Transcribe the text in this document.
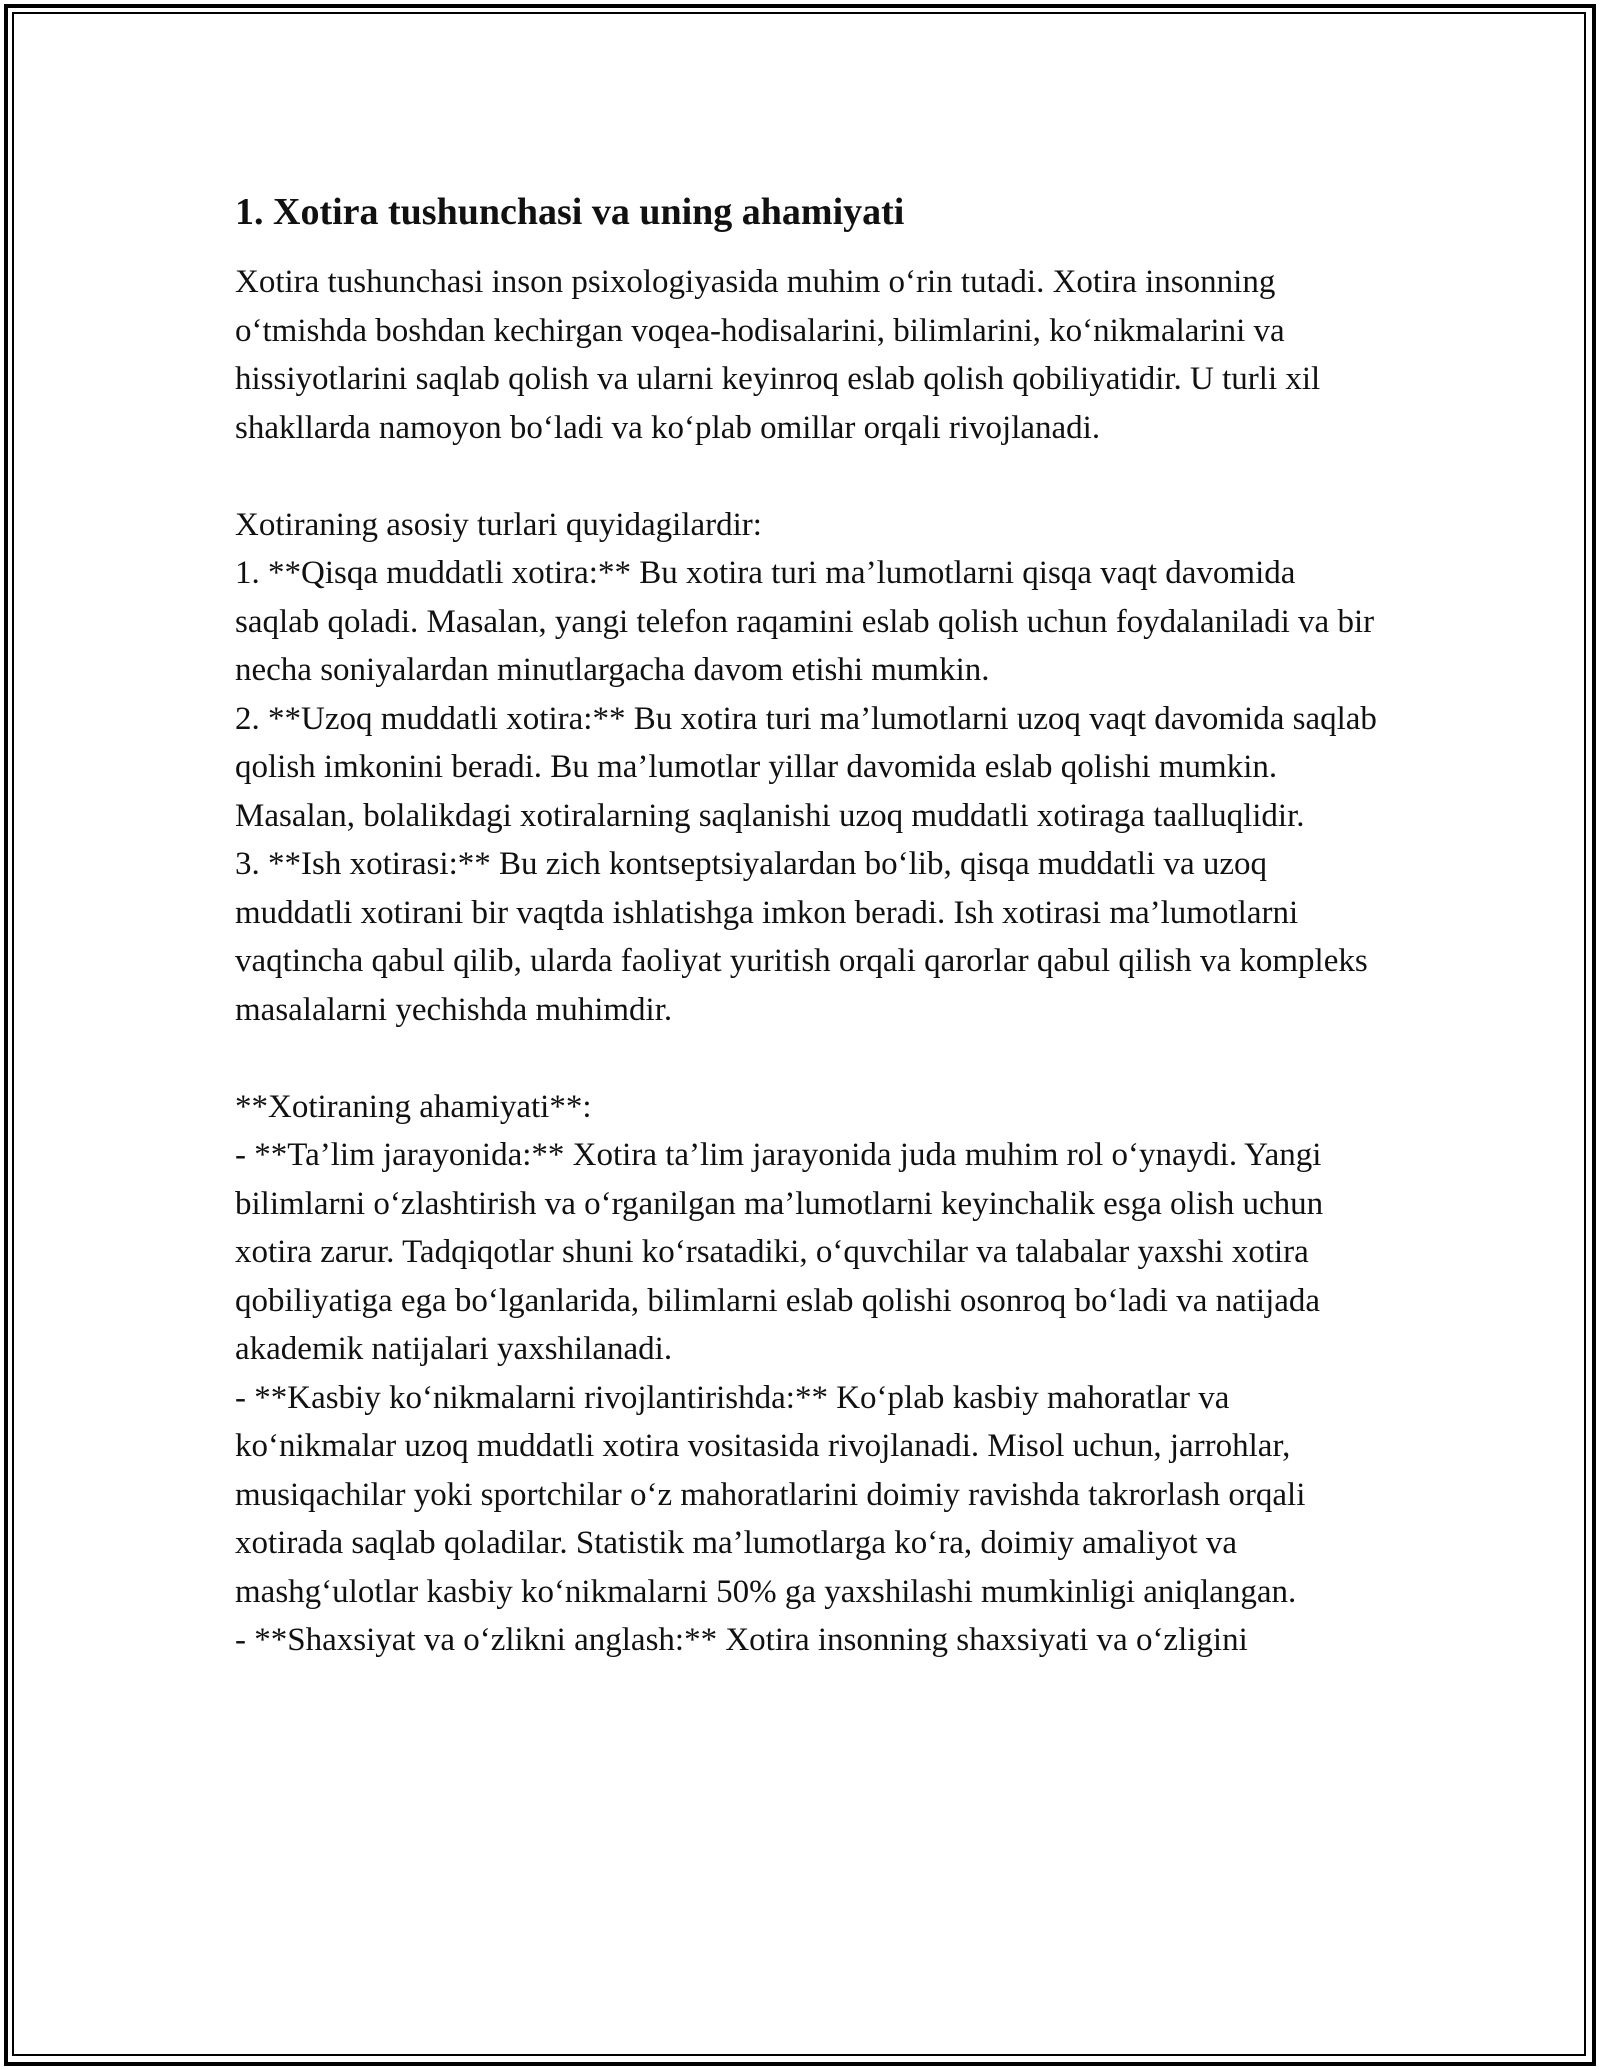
1. Xotira tushunchasi va uning ahamiyati

Xotira tushunchasi inson psixologiyasida muhim o‘rin tutadi. Xotira insonning o‘tmishda boshdan kechirgan voqea-hodisalarini, bilimlarini, ko‘nikmalarini va hissiyotlarini saqlab qolish va ularni keyinroq eslab qolish qobiliyatidir. U turli xil shakllarda namoyon bo‘ladi va ko‘plab omillar orqali rivojlanadi.

Xotiraning asosiy turlari quyidagilardir:

1. **Qisqa muddatli xotira:** Bu xotira turi ma’lumotlarni qisqa vaqt davomida saqlab qoladi. Masalan, yangi telefon raqamini eslab qolish uchun foydalaniladi va bir necha soniyalardan minutlargacha davom etishi mumkin.

2. **Uzoq muddatli xotira:** Bu xotira turi ma’lumotlarni uzoq vaqt davomida saqlab qolish imkonini beradi. Bu ma’lumotlar yillar davomida eslab qolishi mumkin. Masalan, bolalikdagi xotiralarning saqlanishi uzoq muddatli xotiraga taalluqlidir.

3. **Ish xotirasi:** Bu zich kontseptsiyalardan bo‘lib, qisqa muddatli va uzoq muddatli xotirani bir vaqtda ishlatishga imkon beradi. Ish xotirasi ma’lumotlarni vaqtincha qabul qilib, ularda faoliyat yuritish orqali qarorlar qabul qilish va kompleks masalalarni yechishda muhimdir.

**Xotiraning ahamiyati**:

- **Ta’lim jarayonida:** Xotira ta’lim jarayonida juda muhim rol o‘ynaydi. Yangi bilimlarni o‘zlashtirish va o‘rganilgan ma’lumotlarni keyinchalik esga olish uchun xotira zarur. Tadqiqotlar shuni ko‘rsatadiki, o‘quvchilar va talabalar yaxshi xotira qobiliyatiga ega bo‘lganlarida, bilimlarni eslab qolishi osonroq bo‘ladi va natijada akademik natijalari yaxshilanadi.

- **Kasbiy ko‘nikmalarni rivojlantirishda:** Ko‘plab kasbiy mahoratlar va ko‘nikmalar uzoq muddatli xotira vositasida rivojlanadi. Misol uchun, jarrohlar, musiqachilar yoki sportchilar o‘z mahoratlarini doimiy ravishda takrorlash orqali xotirada saqlab qoladilar. Statistik ma’lumotlarga ko‘ra, doimiy amaliyot va mashg‘ulotlar kasbiy ko‘nikmalarni 50% ga yaxshilashi mumkinligi aniqlangan.

- **Shaxsiyat va o‘zlikni anglash:** Xotira insonning shaxsiyati va o‘zligini
